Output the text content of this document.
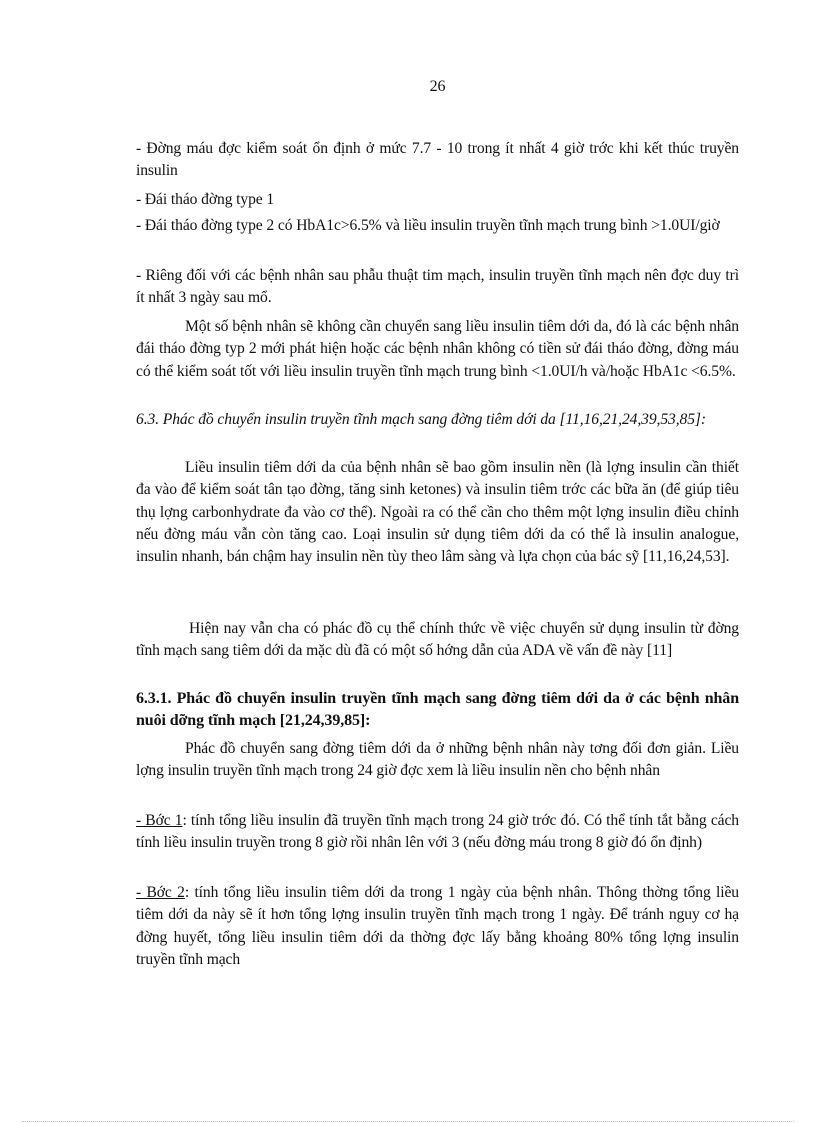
26

- Đờng máu đợc kiểm soát ổn định ở mức 7.7 - 10 trong ít nhất 4 giờ trớc khi kết thúc truyền insulin

- Đái tháo đờng type 1

- Đái tháo đờng type 2 có HbA1c>6.5% và liều insulin truyền tĩnh mạch trung bình >1.0UI/giờ

- Riêng đối với các bệnh nhân sau phẫu thuật tim mạch, insulin truyền tĩnh mạch nên đợc duy trì ít nhất 3 ngày sau mổ.

Một số bệnh nhân sẽ không cần chuyển sang liều insulin tiêm dới da, đó là các bệnh nhân đái tháo đờng typ 2 mới phát hiện hoặc các bệnh nhân không có tiền sử đái tháo đờng, đờng máu có thể kiểm soát tốt với liều insulin truyền tĩnh mạch trung bình <1.0UI/h và/hoặc HbA1c <6.5%.

6.3. Phác đồ chuyển insulin truyền tĩnh mạch sang đờng tiêm dới da [11,16,21,24,39,53,85]:

Liều insulin tiêm dới da của bệnh nhân sẽ bao gồm insulin nền (là lợng insulin cần thiết đa vào để kiểm soát tân tạo đờng, tăng sinh ketones) và insulin tiêm trớc các bữa ăn (để giúp tiêu thụ lợng carbonhydrate đa vào cơ thể). Ngoài ra có thể cần cho thêm một lợng insulin điều chỉnh nếu đờng máu vẫn còn tăng cao. Loại insulin sử dụng tiêm dới da có thể là insulin analogue, insulin nhanh, bán chậm hay insulin nền tùy theo lâm sàng và lựa chọn của bác sỹ [11,16,24,53].

Hiện nay vẫn cha có phác đồ cụ thể chính thức về việc chuyển sử dụng insulin từ đờng tĩnh mạch sang tiêm dới da mặc dù đã có một số hớng dẫn của ADA về vấn đề này [11]

6.3.1. Phác đồ chuyển insulin truyền tĩnh mạch sang đờng tiêm dới da ở các bệnh nhân nuôi dỡng tĩnh mạch [21,24,39,85]:

Phác đồ chuyển sang đờng tiêm dới da ở những bệnh nhân này tơng đối đơn giản. Liều lợng insulin truyền tĩnh mạch trong 24 giờ đợc xem là liều insulin nền cho bệnh nhân

- Bớc 1: tính tổng liều insulin đã truyền tĩnh mạch trong 24 giờ trớc đó. Có thể tính tắt bằng cách tính liều insulin truyền trong 8 giờ rồi nhân lên với 3 (nếu đờng máu trong 8 giờ đó ổn định)

- Bớc 2: tính tổng liều insulin tiêm dới da trong 1 ngày của bệnh nhân. Thông thờng tổng liều tiêm dới da này sẽ ít hơn tổng lợng insulin truyền tĩnh mạch trong 1 ngày. Để tránh nguy cơ hạ đờng huyết, tổng liều insulin tiêm dới da thờng đợc lấy bằng khoảng 80% tổng lợng insulin truyền tĩnh mạch
